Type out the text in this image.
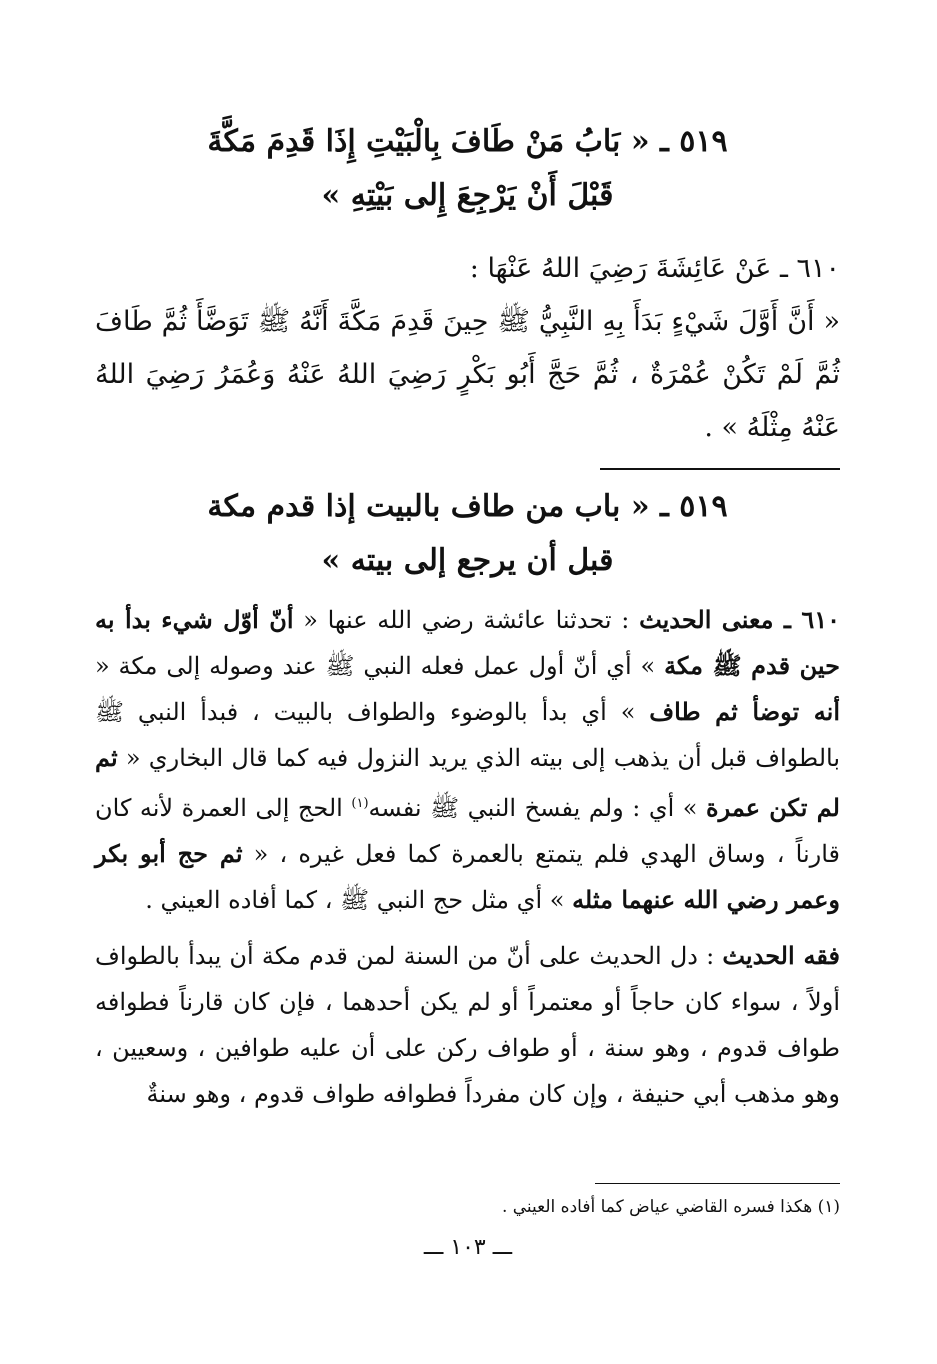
٥١٩ ـ « بَابُ مَنْ طَافَ بِالْبَيْتِ إِذَا قَدِمَ مَكَّةَ
قَبْلَ أَنْ يَرْجِعَ إِلى بَيْتِهِ »
٦١٠ ـ عَنْ عَائِشَةَ رَضِيَ اللهُ عَنْهَا :
« أَنَّ أَوَّلَ شَيْءٍ بَدَأَ بِهِ النَّبِيُّ ﷺ حِينَ قَدِمَ مَكَّةَ أَنَّهُ ﷺ تَوَضَّأَ ثُمَّ طَافَ ثُمَّ لَمْ تَكُنْ عُمْرَةٌ ، ثُمَّ حَجَّ أَبُو بَكْرٍ رَضِيَ اللهُ عَنْهُ وَعُمَرُ رَضِيَ اللهُ عَنْهُ مِثْلَهُ » .
٥١٩ ـ « باب من طاف بالبيت إذا قدم مكة
قبل أن يرجع إلى بيته »

٦١٠ ـ معنى الحديث : تحدثنا عائشة رضي الله عنها « أنّ أوّل شيء بدأ به حين قدم ﷺ مكة » أي أنّ أول عمل فعله النبي ﷺ عند وصوله إلى مكة « أنه توضأ ثم طاف » أي بدأ بالوضوء والطواف بالبيت ، فبدأ النبي ﷺ بالطواف قبل أن يذهب إلى بيته الذي يريد النزول فيه كما قال البخاري « ثم لم تكن عمرة » أي : ولم يفسخ النبي ﷺ نفسه$^{(١)}$ الحج إلى العمرة لأنه كان قارناً ، وساق الهدي فلم يتمتع بالعمرة كما فعل غيره ، « ثم حج أبو بكر وعمر رضي الله عنهما مثله » أي مثل حج النبي ﷺ ، كما أفاده العيني .

فقه الحديث : دل الحديث على أنّ من السنة لمن قدم مكة أن يبدأ بالطواف أولاً ، سواء كان حاجاً أو معتمراً أو لم يكن أحدهما ، فإن كان قارناً فطوافه طواف قدوم ، وهو سنة ، أو طواف ركن على أن عليه طوافين ، وسعيين ، وهو مذهب أبي حنيفة ، وإن كان مفرداً فطوافه طواف قدوم ، وهو سنةٌ

(١) هكذا فسره القاضي عياض كما أفاده العيني .
ـــ ١٠٣ ـــ
